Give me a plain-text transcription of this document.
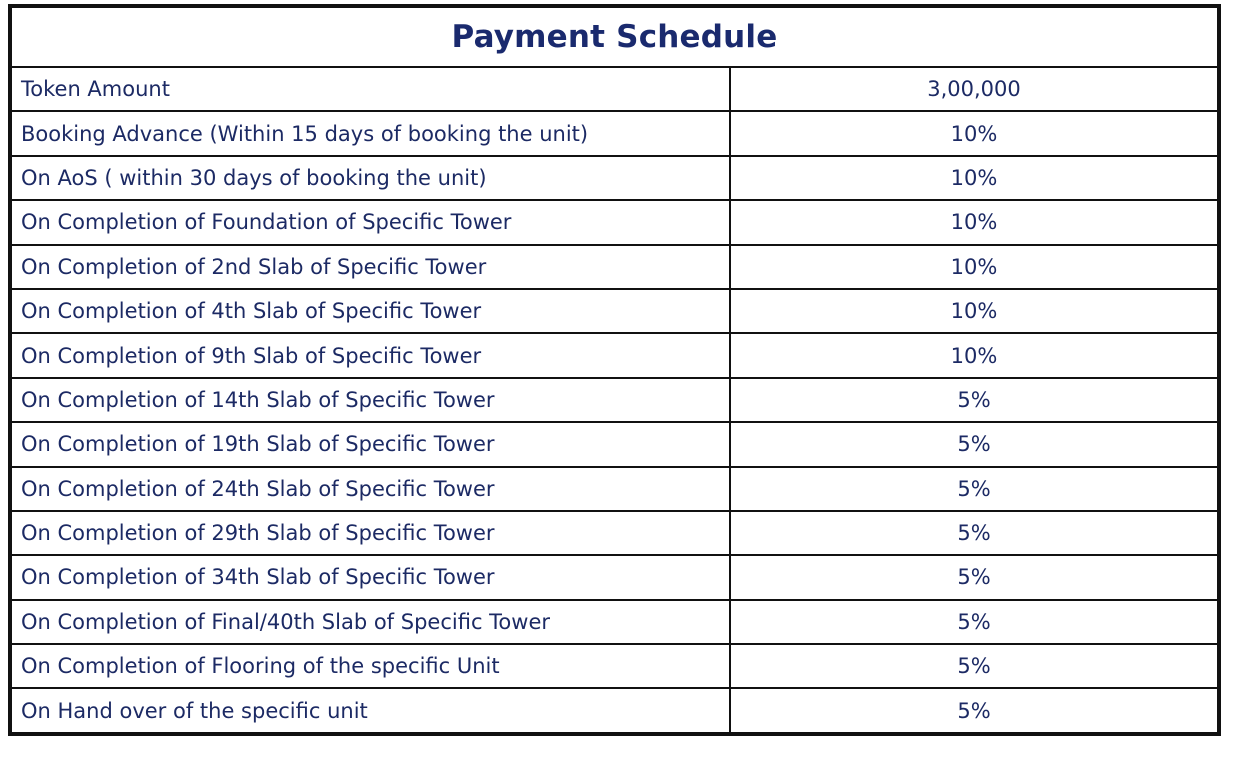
Payment Schedule	
Token Amount	3,00,000
Booking Advance (Within 15 days of booking the unit)	10%
On AoS ( within 30 days of booking the unit)	10%
On Completion of Foundation of Specific Tower	10%
On Completion of 2nd Slab of Specific Tower	10%
On Completion of 4th Slab of Specific Tower	10%
On Completion of 9th Slab of Specific Tower	10%
On Completion of 14th Slab of Specific Tower	5%
On Completion of 19th Slab of Specific Tower	5%
On Completion of 24th Slab of Specific Tower	5%
On Completion of 29th Slab of Specific Tower	5%
On Completion of 34th Slab of Specific Tower	5%
On Completion of Final/40th Slab of Specific Tower	5%
On Completion of Flooring of the specific Unit	5%
On Hand over of the specific unit	5%
